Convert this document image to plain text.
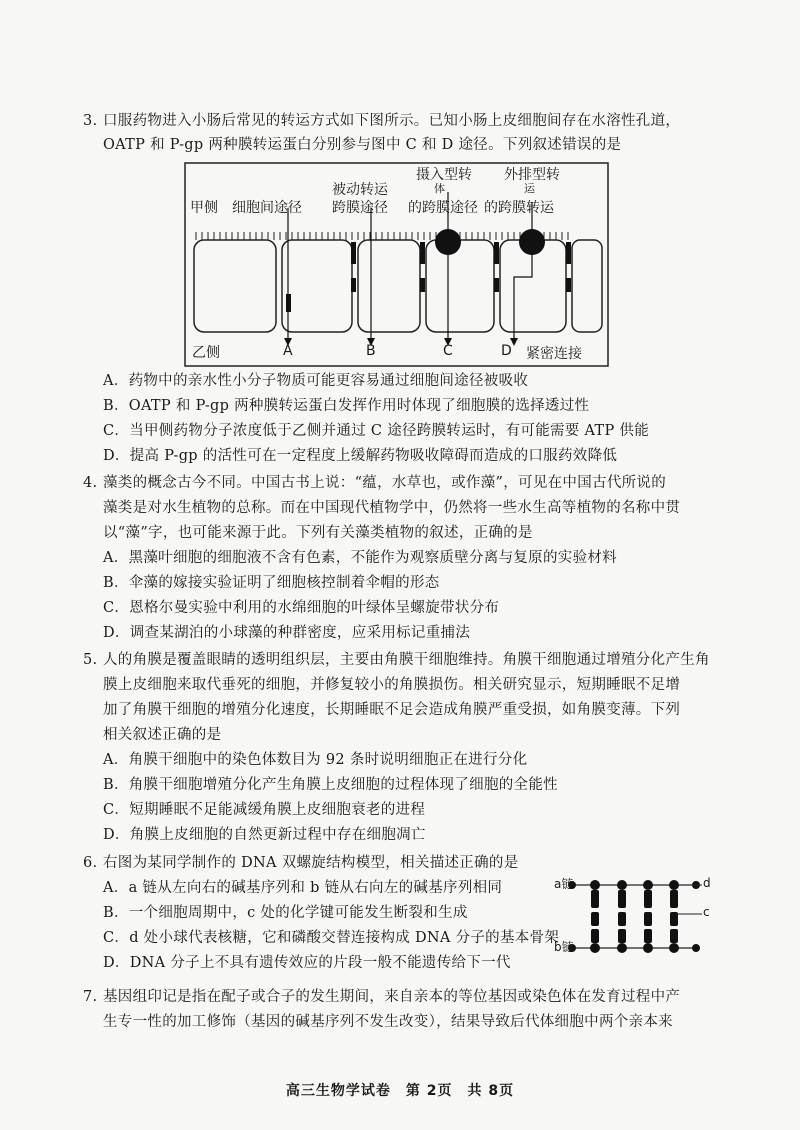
3. 口服药物进入小肠后常见的转运方式如下图所示。已知小肠上皮细胞间存在水溶性孔道，
OATP 和 P-gp 两种膜转运蛋白分别参与图中 C 和 D 途径。下列叙述错误的是
甲侧 细胞间途径
被动转运
跨膜途径
摄入型转
体
的跨膜途径
外排型转
运
的跨膜转运
乙侧	A	B	C	D 紧密连接
A．药物中的亲水性小分子物质可能更容易通过细胞间途径被吸收
B．OATP 和 P-gp 两种膜转运蛋白发挥作用时体现了细胞膜的选择透过性
C．当甲侧药物分子浓度低于乙侧并通过 C 途径跨膜转运时，有可能需要 ATP 供能
D．提高 P-gp 的活性可在一定程度上缓解药物吸收障碍而造成的口服药效降低
4. 藻类的概念古今不同。中国古书上说：“蕴，水草也，或作藻”，可见在中国古代所说的
藻类是对水生植物的总称。而在中国现代植物学中，仍然将一些水生高等植物的名称中贯
以“藻”字，也可能来源于此。下列有关藻类植物的叙述，正确的是
A．黑藻叶细胞的细胞液不含有色素，不能作为观察质壁分离与复原的实验材料
B．伞藻的嫁接实验证明了细胞核控制着伞帽的形态
C．恩格尔曼实验中利用的水绵细胞的叶绿体呈螺旋带状分布
D．调查某湖泊的小球藻的种群密度，应采用标记重捕法
5. 人的角膜是覆盖眼睛的透明组织层，主要由角膜干细胞维持。角膜干细胞通过增殖分化产生角
膜上皮细胞来取代垂死的细胞，并修复较小的角膜损伤。相关研究显示，短期睡眠不足增
加了角膜干细胞的增殖分化速度，长期睡眠不足会造成角膜严重受损，如角膜变薄。下列
相关叙述正确的是
A．角膜干细胞中的染色体数目为 92 条时说明细胞正在进行分化
B．角膜干细胞增殖分化产生角膜上皮细胞的过程体现了细胞的全能性
C．短期睡眠不足能减缓角膜上皮细胞衰老的进程
D．角膜上皮细胞的自然更新过程中存在细胞凋亡
6. 右图为某同学制作的 DNA 双螺旋结构模型，相关描述正确的是
A．a 链从左向右的碱基序列和 b 链从右向左的碱基序列相同
B．一个细胞周期中，c 处的化学键可能发生断裂和生成
C．d 处小球代表核糖，它和磷酸交替连接构成 DNA 分子的基本骨架
D．DNA 分子上不具有遗传效应的片段一般不能遗传给下一代
a链
b链
d
c
7. 基因组印记是指在配子或合子的发生期间，来自亲本的等位基因或染色体在发育过程中产
生专一性的加工修饰（基因的碱基序列不发生改变），结果导致后代体细胞中两个亲本来
高三生物学试卷　第 2页　共 8页
